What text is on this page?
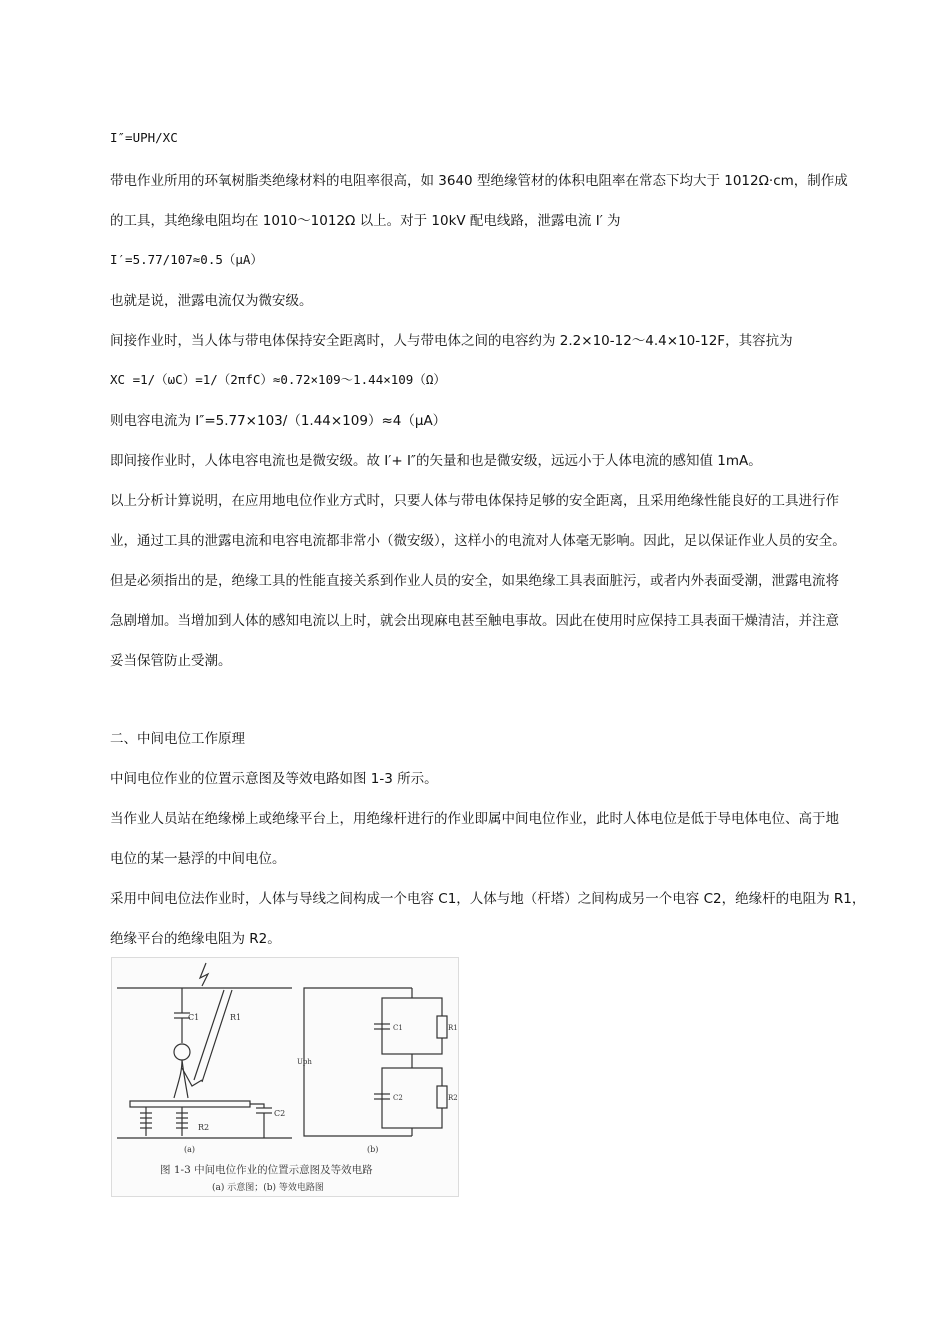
I″=UPH/XC
带电作业所用的环氧树脂类绝缘材料的电阻率很高，如 3640 型绝缘管材的体积电阻率在常态下均大于 1012Ω·cm，制作成
的工具，其绝缘电阻均在 1010～1012Ω 以上。对于 10kV 配电线路，泄露电流 I′ 为
I′=5.77/107≈0.5（μA）
也就是说，泄露电流仅为微安级。
间接作业时，当人体与带电体保持安全距离时，人与带电体之间的电容约为 2.2×10-12～4.4×10-12F，其容抗为
XC =1/（ωC）=1/（2πfC）≈0.72×109～1.44×109（Ω）
则电容电流为 I″=5.77×103/（1.44×109）≈4（μA）
即间接作业时，人体电容电流也是微安级。故 I′+ I″的矢量和也是微安级，远远小于人体电流的感知值 1mA。
以上分析计算说明，在应用地电位作业方式时，只要人体与带电体保持足够的安全距离，且采用绝缘性能良好的工具进行作
业，通过工具的泄露电流和电容电流都非常小（微安级），这样小的电流对人体毫无影响。因此，足以保证作业人员的安全。
但是必须指出的是，绝缘工具的性能直接关系到作业人员的安全，如果绝缘工具表面脏污，或者内外表面受潮，泄露电流将
急剧增加。当增加到人体的感知电流以上时，就会出现麻电甚至触电事故。因此在使用时应保持工具表面干燥清洁，并注意
妥当保管防止受潮。
二、中间电位工作原理
中间电位作业的位置示意图及等效电路如图 1-3 所示。
当作业人员站在绝缘梯上或绝缘平台上，用绝缘杆进行的作业即属中间电位作业，此时人体电位是低于导电体电位、高于地
电位的某一悬浮的中间电位。
采用中间电位法作业时，人体与导线之间构成一个电容 C1，人体与地（杆塔）之间构成另一个电容 C2，绝缘杆的电阻为 R1，
绝缘平台的绝缘电阻为 R2。
C1	R1
C2
R2
(a)
Uph
C1	R1
C2	R2
(b)
图 1-3 中间电位作业的位置示意图及等效电路
(a) 示意图；(b) 等效电路图
